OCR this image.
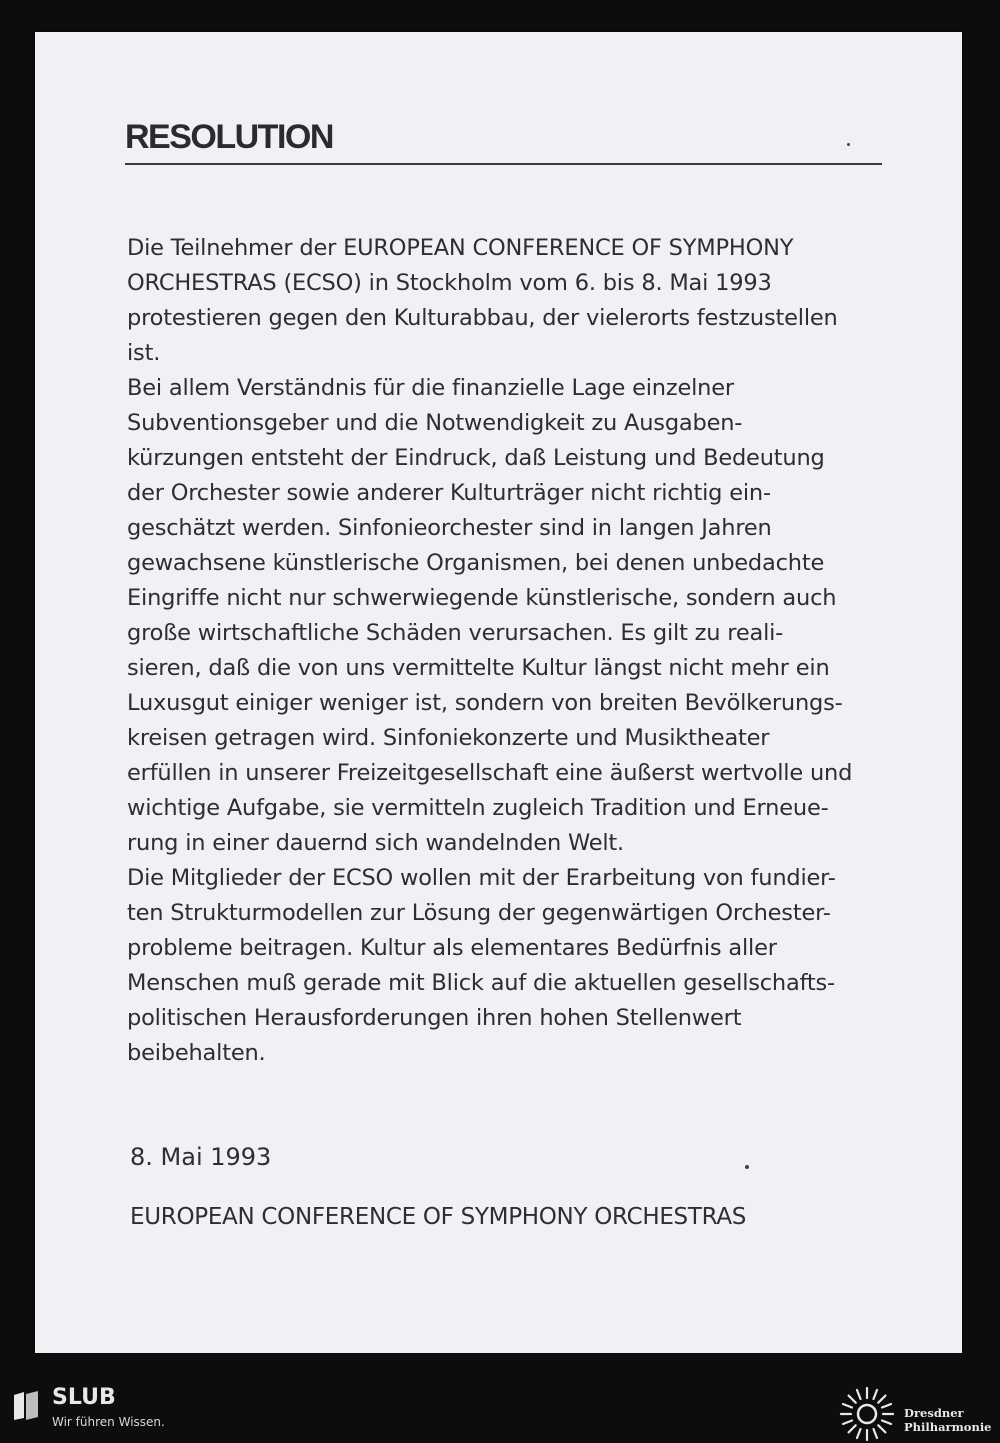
RESOLUTION
Die Teilnehmer der EUROPEAN CONFERENCE OF SYMPHONY
ORCHESTRAS (ECSO) in Stockholm vom 6. bis 8. Mai 1993
protestieren gegen den Kulturabbau, der vielerorts festzustellen
ist.
Bei allem Verständnis für die finanzielle Lage einzelner
Subventionsgeber und die Notwendigkeit zu Ausgaben-
kürzungen entsteht der Eindruck, daß Leistung und Bedeutung
der Orchester sowie anderer Kulturträger nicht richtig ein-
geschätzt werden. Sinfonieorchester sind in langen Jahren
gewachsene künstlerische Organismen, bei denen unbedachte
Eingriffe nicht nur schwerwiegende künstlerische, sondern auch
große wirtschaftliche Schäden verursachen. Es gilt zu reali-
sieren, daß die von uns vermittelte Kultur längst nicht mehr ein
Luxusgut einiger weniger ist, sondern von breiten Bevölkerungs-
kreisen getragen wird. Sinfoniekonzerte und Musiktheater
erfüllen in unserer Freizeitgesellschaft eine äußerst wertvolle und
wichtige Aufgabe, sie vermitteln zugleich Tradition und Erneue-
rung in einer dauernd sich wandelnden Welt.
Die Mitglieder der ECSO wollen mit der Erarbeitung von fundier-
ten Strukturmodellen zur Lösung der gegenwärtigen Orchester-
probleme beitragen. Kultur als elementares Bedürfnis aller
Menschen muß gerade mit Blick auf die aktuellen gesellschafts-
politischen Herausforderungen ihren hohen Stellenwert
beibehalten.
8. Mai 1993
EUROPEAN CONFERENCE OF SYMPHONY ORCHESTRAS
SLUB
Wir führen Wissen.
Dresdner
Philharmonie
